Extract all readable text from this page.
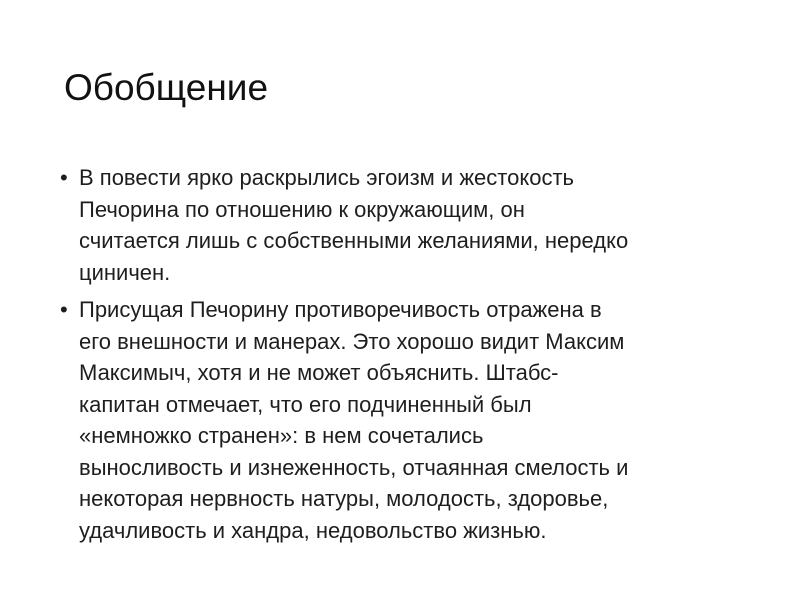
Обобщение
• В повести ярко раскрылись эгоизм и жестокость
Печорина по отношению к окружающим, он
считается лишь с собственными желаниями, нередко
циничен.
• Присущая Печорину противоречивость отражена в
его внешности и манерах. Это хорошо видит Максим
Максимыч, хотя и не может объяснить. Штабс-
капитан отмечает, что его подчиненный был
«немножко странен»: в нем сочетались
выносливость и изнеженность, отчаянная смелость и
некоторая нервность натуры, молодость, здоровье,
удачливость и хандра, недовольство жизнью.
